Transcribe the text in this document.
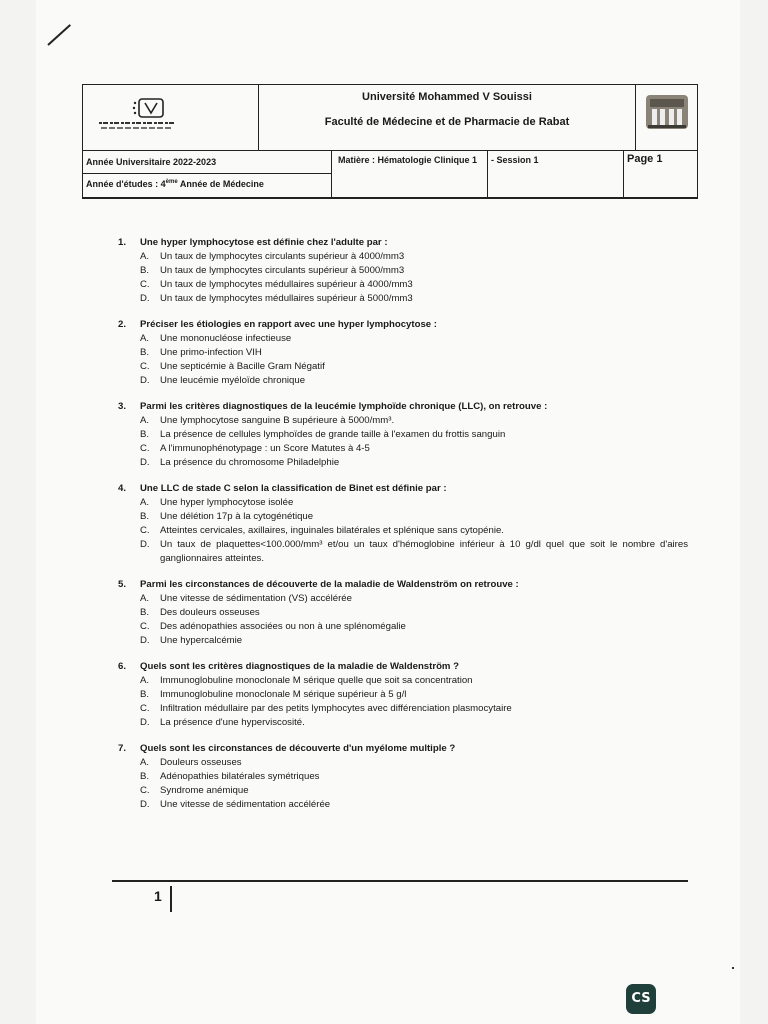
Université Mohammed V Souissi
Faculté de Médecine et de Pharmacie de Rabat
Année Universitaire 2022-2023
Année d'études : 4ème Année de Médecine
Matière : Hématologie Clinique 1	- Session 1	Page 1
1.	Une hyper lymphocytose est définie chez l'adulte par :
A.	Un taux de lymphocytes circulants supérieur à 4000/mm3
B.	Un taux de lymphocytes circulants supérieur à 5000/mm3
C.	Un taux de lymphocytes médullaires supérieur à 4000/mm3
D.	Un taux de lymphocytes médullaires supérieur à 5000/mm3
2.	Préciser les étiologies en rapport avec une hyper lymphocytose :
A.	Une mononucléose infectieuse
B.	Une primo-infection VIH
C.	Une septicémie à Bacille Gram Négatif
D.	Une leucémie myéloïde chronique
3.	Parmi les critères diagnostiques de la leucémie lymphoïde chronique (LLC), on retrouve :
A.	Une lymphocytose sanguine B supérieure à 5000/mm³.
B.	La présence de cellules lymphoïdes de grande taille à l'examen du frottis sanguin
C.	A l'immunophénotypage : un Score Matutes à 4-5
D.	La présence du chromosome Philadelphie
4.	Une LLC de stade C selon la classification de Binet est définie par :
A.	Une hyper lymphocytose isolée
B.	Une délétion 17p à la cytogénétique
C.	Atteintes cervicales, axillaires, inguinales bilatérales et splénique sans cytopénie.
D.	Un taux de plaquettes<100.000/mm³ et/ou un taux d'hémoglobine inférieur à 10 g/dl quel que soit le nombre d'aires ganglionnaires atteintes.
5.	Parmi les circonstances de découverte de la maladie de Waldenström on retrouve :
A.	Une vitesse de sédimentation (VS) accélérée
B.	Des douleurs osseuses
C.	Des adénopathies associées ou non à une splénomégalie
D.	Une hypercalcémie
6.	Quels sont les critères diagnostiques de la maladie de Waldenström ?
A.	Immunoglobuline monoclonale M sérique quelle que soit sa concentration
B.	Immunoglobuline monoclonale M sérique supérieur à 5 g/l
C.	Infiltration médullaire par des petits lymphocytes avec différenciation plasmocytaire
D.	La présence d'une hyperviscosité.
7.	Quels sont les circonstances de découverte d'un myélome multiple ?
A.	Douleurs osseuses
B.	Adénopathies bilatérales symétriques
C.	Syndrome anémique
D.	Une vitesse de sédimentation accélérée
1
CS
